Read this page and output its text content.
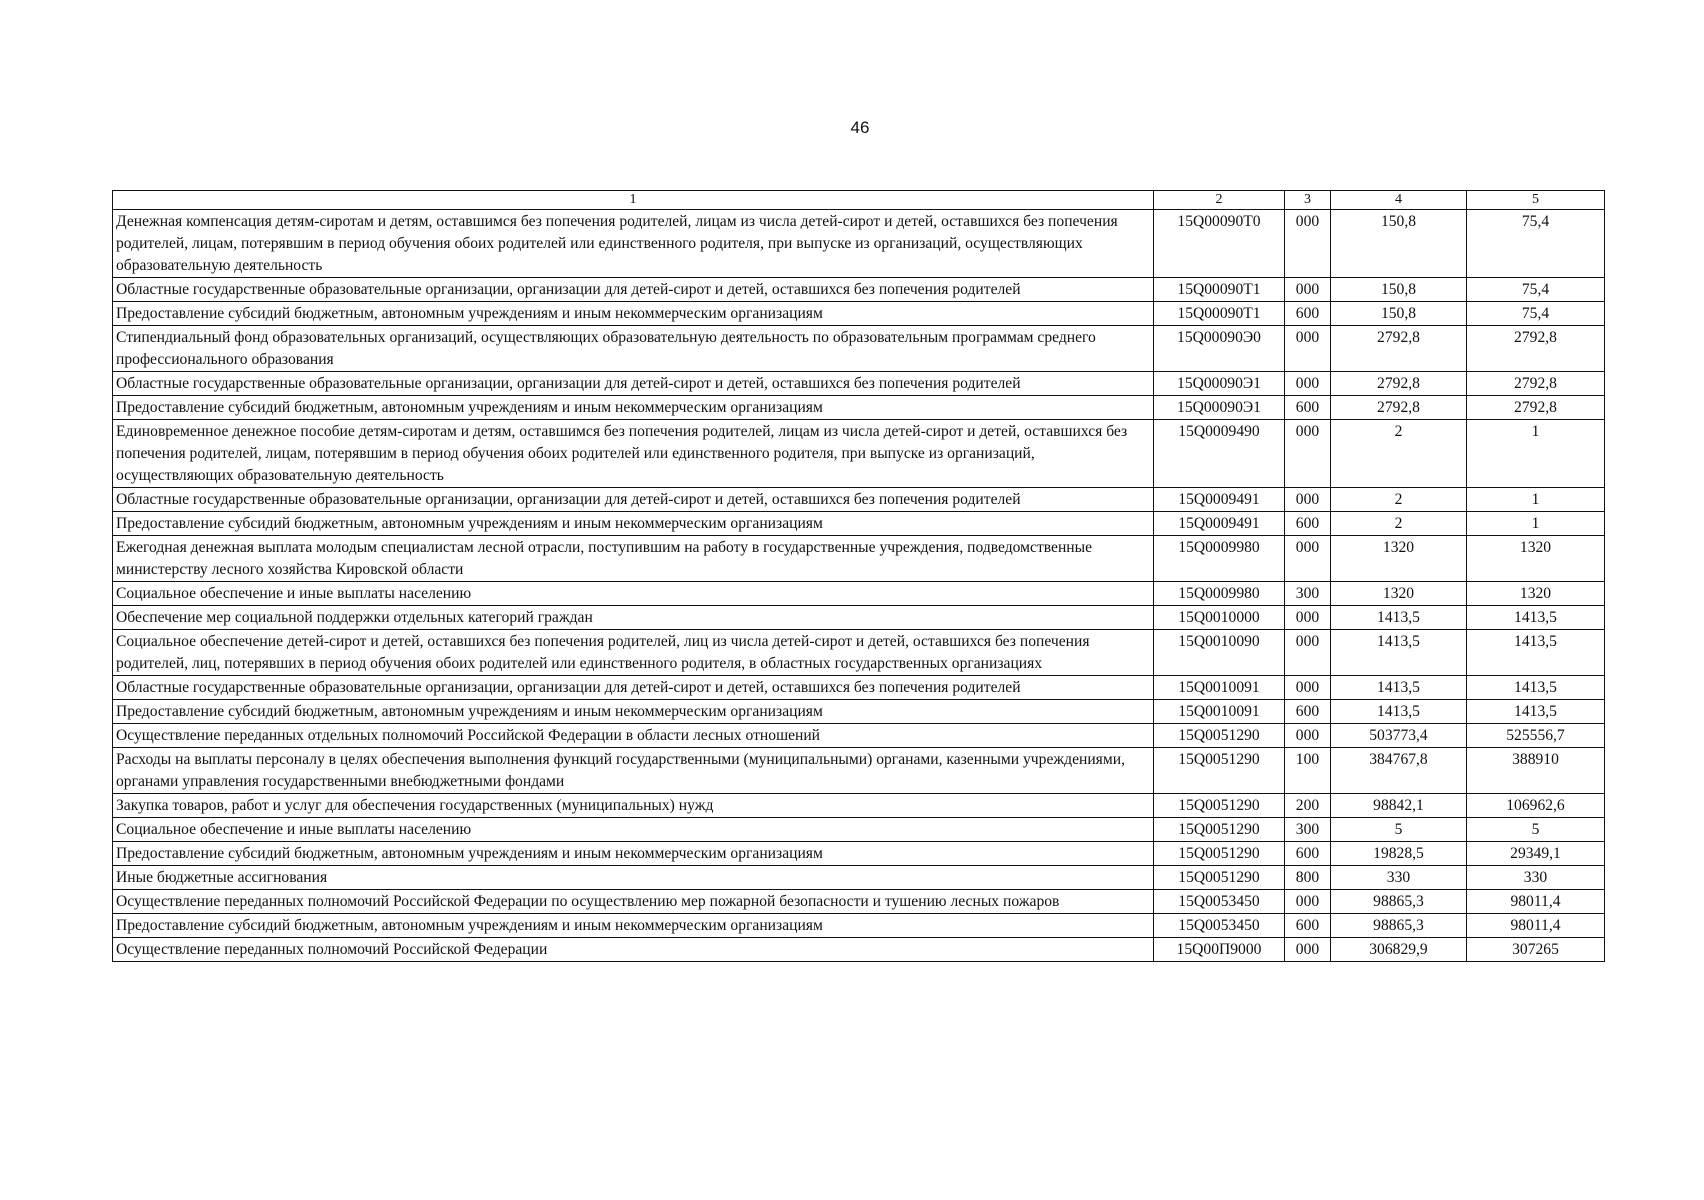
46
1	2	3	4	5
Денежная компенсация детям-сиротам и детям, оставшимся без попечения родителей, лицам из числа детей-сирот и детей, оставшихся без попечения родителей, лицам, потерявшим в период обучения обоих родителей или единственного родителя, при выпуске из организаций, осуществляющих образовательную деятельность	15Q00090T0	000	150,8	75,4
Областные государственные образовательные организации, организации для детей-сирот и детей, оставшихся без попечения родителей	15Q00090T1	000	150,8	75,4
Предоставление субсидий бюджетным, автономным учреждениям и иным некоммерческим организациям	15Q00090T1	600	150,8	75,4
Стипендиальный фонд образовательных организаций, осуществляющих образовательную деятельность по образовательным программам среднего профессионального образования	15Q00090Э0	000	2792,8	2792,8
Областные государственные образовательные организации, организации для детей-сирот и детей, оставшихся без попечения родителей	15Q00090Э1	000	2792,8	2792,8
Предоставление субсидий бюджетным, автономным учреждениям и иным некоммерческим организациям	15Q00090Э1	600	2792,8	2792,8
Единовременное денежное пособие детям-сиротам и детям, оставшимся без попечения родителей, лицам из числа детей-сирот и детей, оставшихся без попечения родителей, лицам, потерявшим в период обучения обоих родителей или единственного родителя, при выпуске из организаций, осуществляющих образовательную деятельность	15Q0009490	000	2	1
Областные государственные образовательные организации, организации для детей-сирот и детей, оставшихся без попечения родителей	15Q0009491	000	2	1
Предоставление субсидий бюджетным, автономным учреждениям и иным некоммерческим организациям	15Q0009491	600	2	1
Ежегодная денежная выплата молодым специалистам лесной отрасли, поступившим на работу в государственные учреждения, подведомственные министерству лесного хозяйства Кировской области	15Q0009980	000	1320	1320
Социальное обеспечение и иные выплаты населению	15Q0009980	300	1320	1320
Обеспечение мер социальной поддержки отдельных категорий граждан	15Q0010000	000	1413,5	1413,5
Социальное обеспечение детей-сирот и детей, оставшихся без попечения родителей, лиц из числа детей-сирот и детей, оставшихся без попечения родителей, лиц, потерявших в период обучения обоих родителей или единственного родителя, в областных государственных организациях	15Q0010090	000	1413,5	1413,5
Областные государственные образовательные организации, организации для детей-сирот и детей, оставшихся без попечения родителей	15Q0010091	000	1413,5	1413,5
Предоставление субсидий бюджетным, автономным учреждениям и иным некоммерческим организациям	15Q0010091	600	1413,5	1413,5
Осуществление переданных отдельных полномочий Российской Федерации в области лесных отношений	15Q0051290	000	503773,4	525556,7
Расходы на выплаты персоналу в целях обеспечения выполнения функций государственными (муниципальными) органами, казенными учреждениями, органами управления государственными внебюджетными фондами	15Q0051290	100	384767,8	388910
Закупка товаров, работ и услуг для обеспечения государственных (муниципальных) нужд	15Q0051290	200	98842,1	106962,6
Социальное обеспечение и иные выплаты населению	15Q0051290	300	5	5
Предоставление субсидий бюджетным, автономным учреждениям и иным некоммерческим организациям	15Q0051290	600	19828,5	29349,1
Иные бюджетные ассигнования	15Q0051290	800	330	330
Осуществление переданных полномочий Российской Федерации по осуществлению мер пожарной безопасности и тушению лесных пожаров	15Q0053450	000	98865,3	98011,4
Предоставление субсидий бюджетным, автономным учреждениям и иным некоммерческим организациям	15Q0053450	600	98865,3	98011,4
Осуществление переданных полномочий Российской Федерации	15Q00П9000	000	306829,9	307265
